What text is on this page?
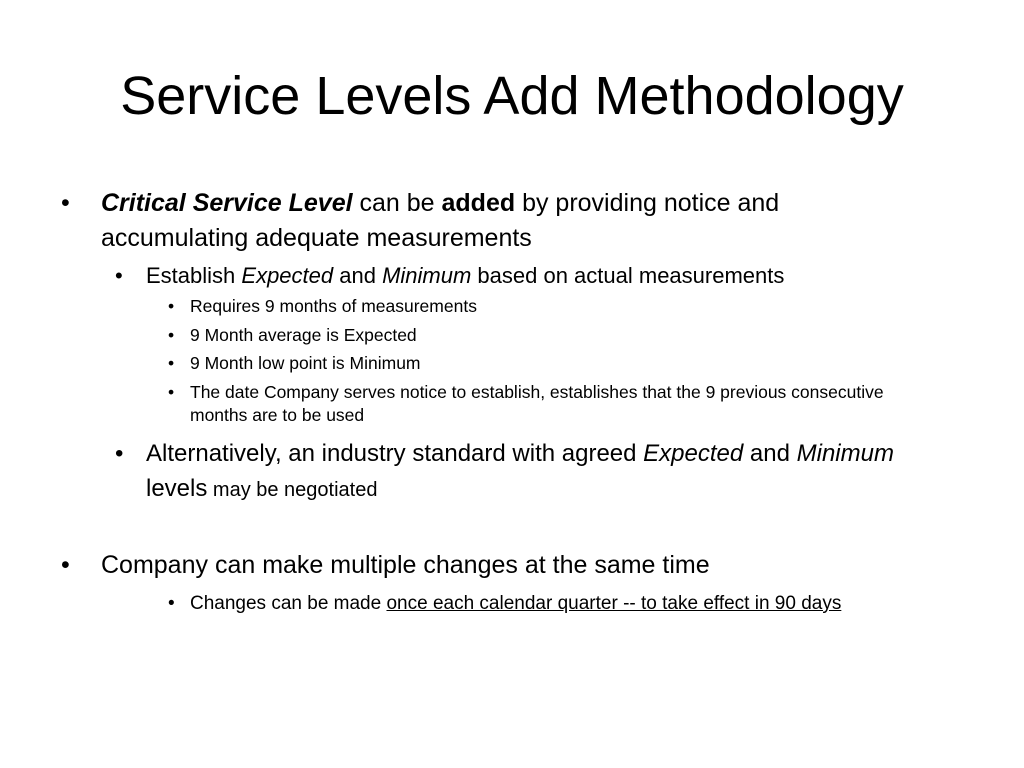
Service Levels Add Methodology
• Critical Service Level can be added by providing notice and accumulating adequate measurements
• Establish Expected and Minimum based on actual measurements
• Requires 9 months of measurements
• 9 Month average is Expected
• 9 Month low point is Minimum
• The date Company serves notice to establish, establishes that the 9 previous consecutive months are to be used
• Alternatively, an industry standard with agreed Expected and Minimum levels may be negotiated
• Company can make multiple changes at the same time
• Changes can be made once each calendar quarter -- to take effect in 90 days
